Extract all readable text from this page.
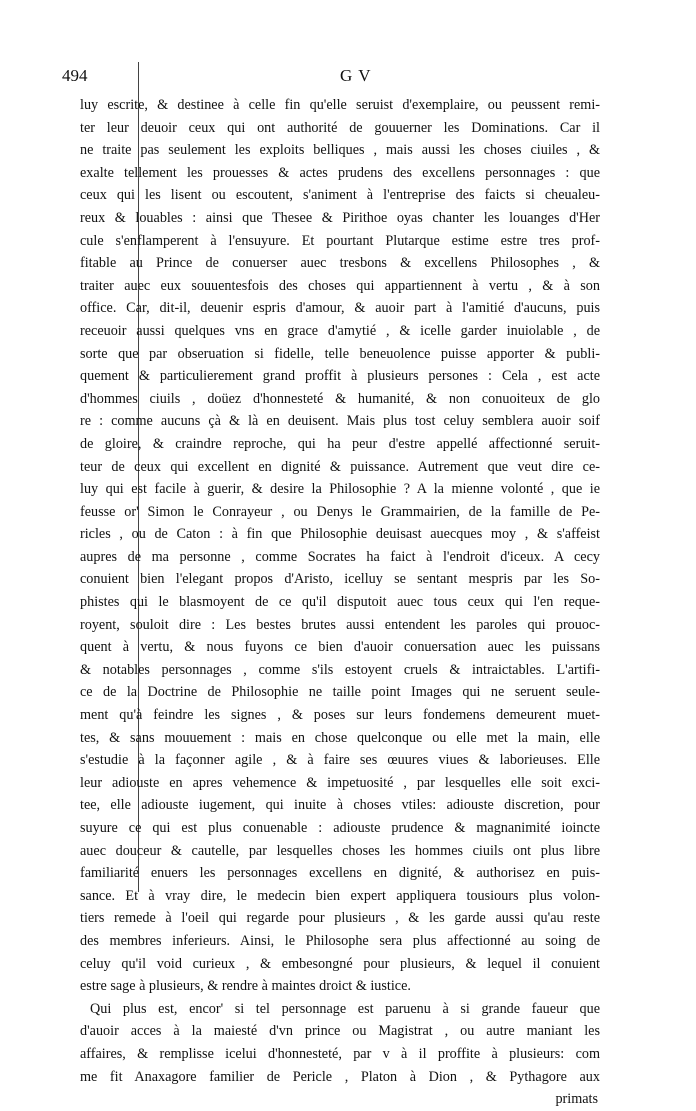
494	G V
luy escrite, & destinee à celle fin qu'elle seruist d'exemplaire, ou peussent remi-
ter leur deuoir ceux qui ont authorité de gouuerner les Dominations. Car il
ne traite pas seulement les exploits belliques , mais aussi les choses ciuiles , &
exalte tellement les prouesses & actes prudens des excellens personnages : que
ceux qui les lisent ou escoutent, s'animent à l'entreprise des faicts si cheualeu-
reux & louables : ainsi que Thesee & Pirithoe oyas chanter les louanges d'Her
cule s'enflamperent à l'ensuyure. Et pourtant Plutarque estime estre tres prof-
fitable au Prince de conuerser auec tresbons & excellens Philosophes , &
traiter auec eux souuentesfois des choses qui appartiennent à vertu , & à son
office. Car, dit-il, deuenir espris d'amour, & auoir part à l'amitié d'aucuns, puis
receuoir aussi quelques vns en grace d'amytié , & icelle garder inuiolable , de
sorte que par obseruation si fidelle, telle beneuolence puisse apporter & publi-
quement & particulierement grand proffit à plusieurs persones : Cela , est acte
d'hommes ciuils , doüez d'honnesteté & humanité, & non conuoiteux de glo
re : comme aucuns çà & là en deuisent. Mais plus tost celuy semblera auoir soif
de gloire, & craindre reproche, qui ha peur d'estre appellé affectionné seruit-
teur de ceux qui excellent en dignité & puissance. Autrement que veut dire ce-
luy qui est facile à guerir, & desire la Philosophie ? A la mienne volonté , que ie
feusse or' Simon le Conrayeur , ou Denys le Grammairien, de la famille de Pe-
ricles , ou de Caton : à fin que Philosophie deuisast auecques moy , & s'affeist
aupres de ma personne , comme Socrates ha faict à l'endroit d'iceux. A cecy
conuient bien l'elegant propos d'Aristo, icelluy se sentant mespris par les So-
phistes qui le blasmoyent de ce qu'il disputoit auec tous ceux qui l'en reque-
royent, souloit dire : Les bestes brutes aussi entendent les paroles qui prouoc-
quent à vertu, & nous fuyons ce bien d'auoir conuersation auec les puissans
& notables personnages , comme s'ils estoyent cruels & intraictables. L'artifi-
ce de la Doctrine de Philosophie ne taille point Images qui ne seruent seule-
ment qu'à feindre les signes , & poses sur leurs fondemens demeurent muet-
tes, & sans mouuement : mais en chose quelconque ou elle met la main, elle
s'estudie à la façonner agile , & à faire ses œuures viues & laborieuses. Elle
leur adiouste en apres vehemence & impetuosité , par lesquelles elle soit exci-
tee, elle adiouste iugement, qui inuite à choses vtiles: adiouste discretion, pour
suyure ce qui est plus conuenable : adiouste prudence & magnanimité ioincte
auec douceur & cautelle, par lesquelles choses les hommes ciuils ont plus libre
familiarité enuers les personnages excellens en dignité, & authorisez en puis-
sance. Et à vray dire, le medecin bien expert appliquera tousiours plus volon-
tiers remede à l'oeil qui regarde pour plusieurs , & les garde aussi qu'au reste
des membres inferieurs. Ainsi, le Philosophe sera plus affectionné au soing de
celuy qu'il void curieux , & embesongné pour plusieurs, & lequel il conuient
estre sage à plusieurs, & rendre à maintes droict & iustice.
Qui plus est, encor' si tel personnage est paruenu à si grande faueur que
d'auoir acces à la maiesté d'vn prince ou Magistrat , ou autre maniant les
affaires, & remplisse icelui d'honnesteté, par v à il proffite à plusieurs: com
me fit Anaxagore familier de Pericle , Platon à Dion , & Pythagore aux
primats
